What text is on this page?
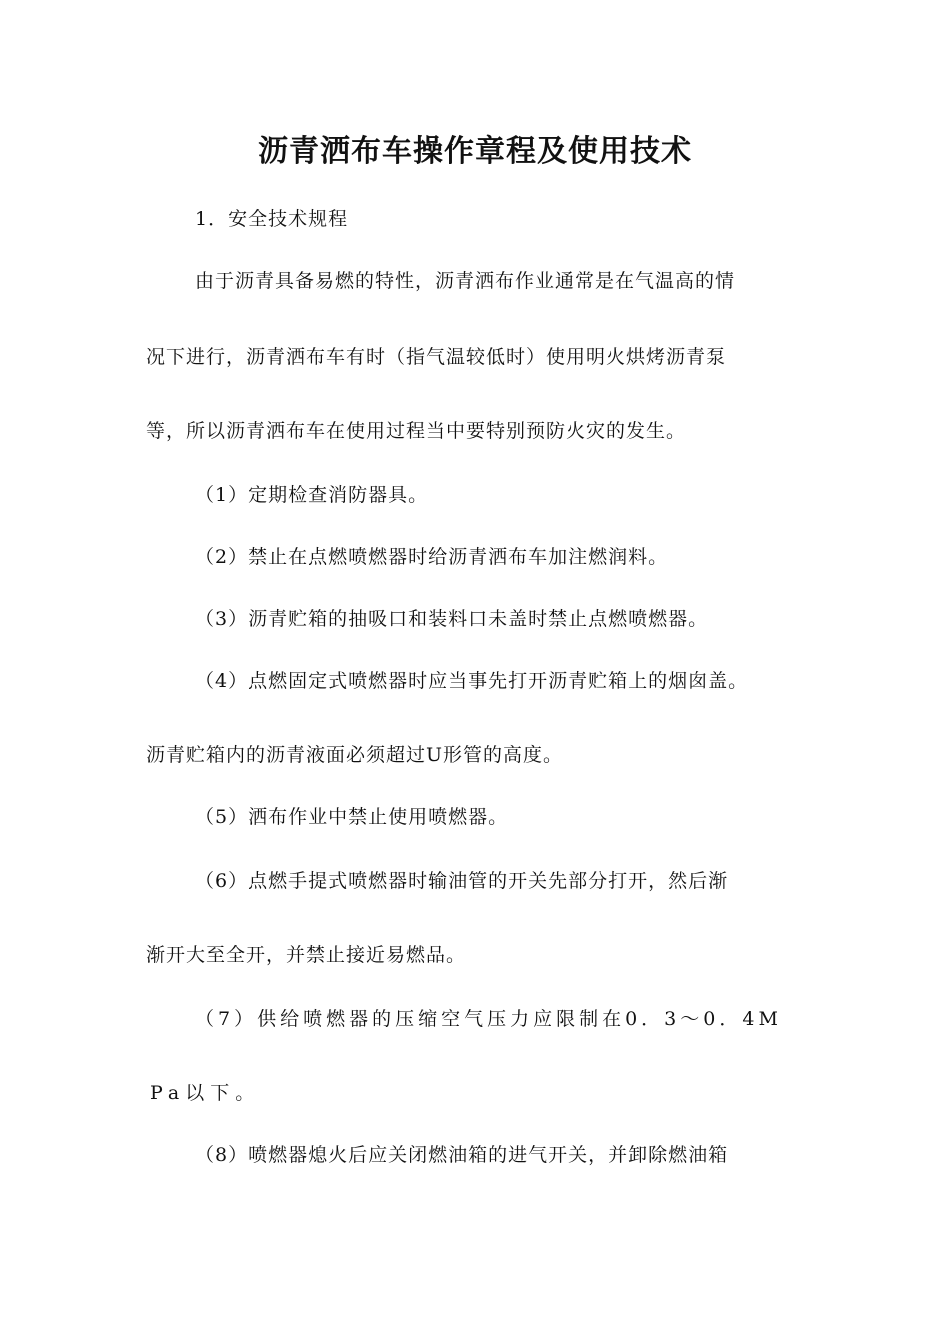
沥青洒布车操作章程及使用技术

1．安全技术规程

由于沥青具备易燃的特性，沥青洒布作业通常是在气温高的情

况下进行，沥青洒布车有时（指气温较低时）使用明火烘烤沥青泵

等，所以沥青洒布车在使用过程当中要特别预防火灾的发生。

（1）定期检查消防器具。

（2）禁止在点燃喷燃器时给沥青洒布车加注燃润料。

（3）沥青贮箱的抽吸口和装料口未盖时禁止点燃喷燃器。

（4）点燃固定式喷燃器时应当事先打开沥青贮箱上的烟囱盖。

沥青贮箱内的沥青液面必须超过U形管的高度。

（5）洒布作业中禁止使用喷燃器。

（6）点燃手提式喷燃器时输油管的开关先部分打开，然后渐

渐开大至全开，并禁止接近易燃品。

（7）供给喷燃器的压缩空气压力应限制在0．3～0．4M

Pa以下。

（8）喷燃器熄火后应关闭燃油箱的进气开关，并卸除燃油箱
